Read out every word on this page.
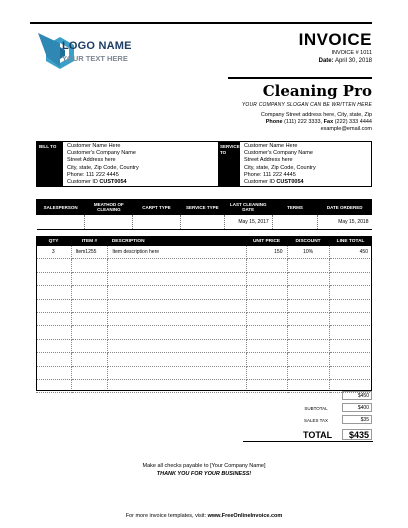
LOGO NAME
YOUR TEXT HERE
INVOICE
INVOICE # 1011
Date: April 30, 2018
Cleaning Pro
YOUR COMPANY SLOGAN CAN BE WRITTEN HERE
Company Street address here, City, state, Zip
Phone (111) 222 3333, Fax (222) 333 4444
example@email.com
BILL TO	Customer Name Here
Customer's Company Name
Street Address here
City, state, Zip Code, Country
Phone: 111 222 4445
Customer ID CUST0054
SERVICED
TO
Customer Name Here
Customer's Company Name
Street Address here
City, state, Zip Code, Country
Phone: 111 222 4445
Customer ID CUST0054
SALESPERSON	MEATHOD OF CLEANING	CARPT TYPE	SERVICE TYPE	LAST CLEANING DATE	TERMS	DATE ORDERED
				May 15, 2017		May 15, 2018
QTY	ITEM #	DESCRIPTION	UNIT PRICE	DISCOUNT	LINE TOTAL
3	Item1255	Item description here	150	10%	450

$450
SUBTOTAL	$400
SALES TAX	$35
TOTAL	$435
Make all checks payable to [Your Company Name]
THANK YOU FOR YOUR BUSINESS!
For more invoice templates, visit: www.FreeOnlineInvoice.com
